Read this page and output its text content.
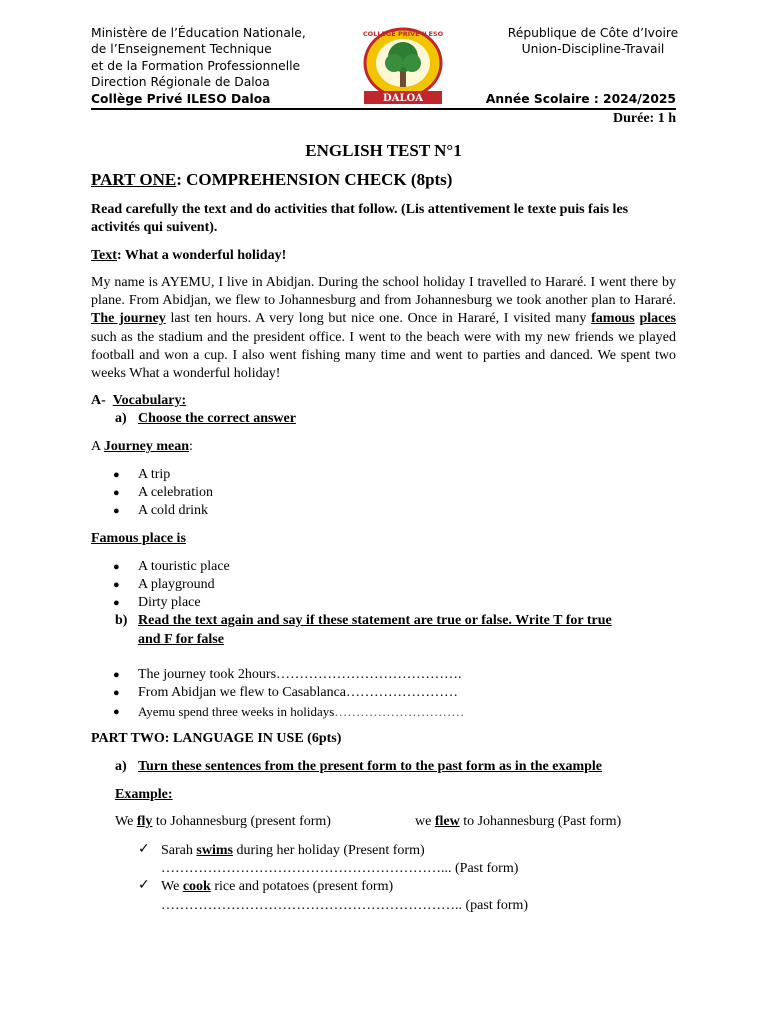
Ministère de l’Éducation Nationale,
de l’Enseignement Technique
et de la Formation Professionnelle
Direction Régionale de Daloa
Collège Privé ILESO Daloa	DALOA
COLLEGE PRIVE ILESO	République de Côte d’Ivoire
Union-Discipline-Travail
Année Scolaire : 2024/2025
Durée: 1 h
ENGLISH TEST N°1
PART ONE: COMPREHENSION CHECK (8pts)
Read carefully the text and do activities that follow. (Lis attentivement le texte puis fais les activités qui suivent).
Text: What a wonderful holiday!
My name is AYEMU, I live in Abidjan. During the school holiday I travelled to Hararé. I went there by plane. From Abidjan, we flew to Johannesburg and from Johannesburg we took another plan to Hararé. The journey last ten hours. A very long but nice one. Once in Hararé, I visited many famous places such as the stadium and the president office. I went to the beach were with my new friends we played football and won a cup. I also went fishing many time and went to parties and danced. We spent two weeks What a wonderful holiday!
A- Vocabulary:
a) Choose the correct answer
A Journey mean:
● A trip
● A celebration
● A cold drink
Famous place is
● A touristic place
● A playground
● Dirty place
b) Read the text again and say if these statement are true or false. Write T for true
and F for false
● The journey took 2hours………………………………….
● From Abidjan we flew to Casablanca……………………
● Ayemu spend three weeks in holidays…………………………
PART TWO: LANGUAGE IN USE (6pts)
a) Turn these sentences from the present form to the past form as in the example
Example:
We fly to Johannesburg (present form)	we flew to Johannesburg (Past form)
✓ Sarah swims during her holiday (Present form)
……………………………………………………... (Past form)
✓ We cook rice and potatoes (present form)
……………………………………………………….. (past form)
